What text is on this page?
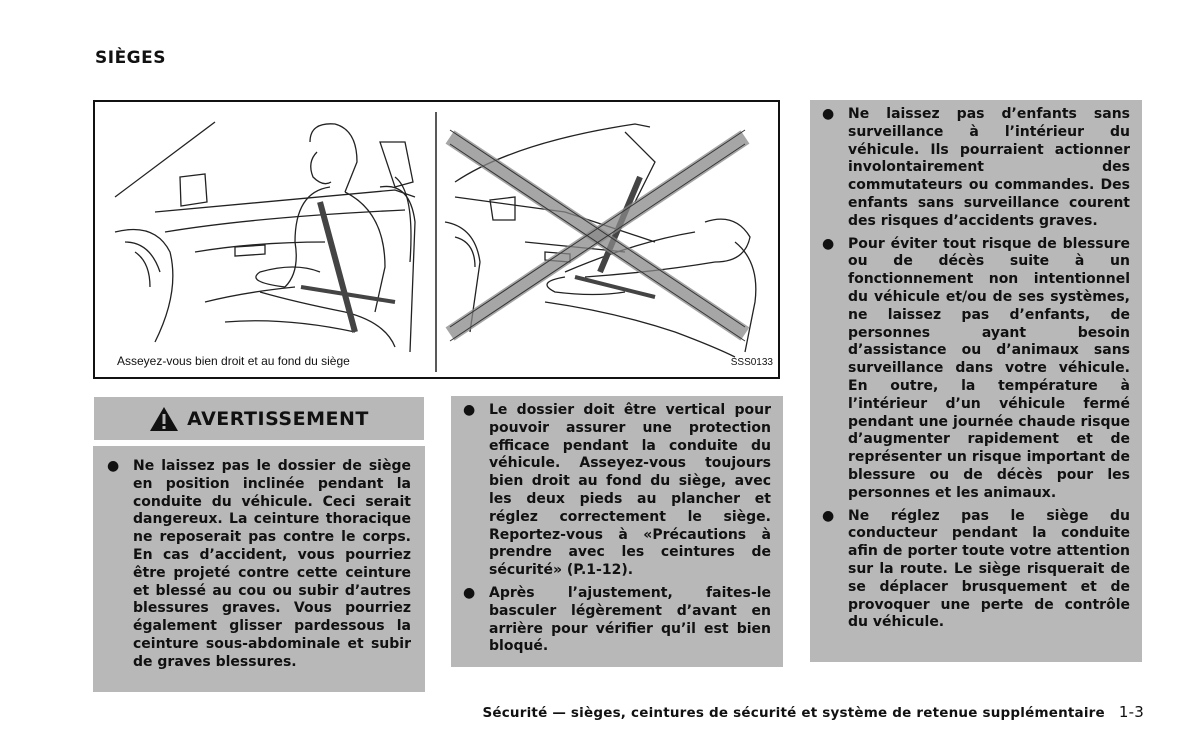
SIÈGES
Asseyez-vous bien droit et au fond du siège	SSS0133
AVERTISSEMENT
● Ne laissez pas le dossier de siège en position inclinée pendant la conduite du véhicule. Ceci serait dangereux. La ceinture thoracique ne reposerait pas contre le corps. En cas d’accident, vous pourriez être projeté contre cette ceinture et blessé au cou ou subir d’autres blessures graves. Vous pourriez également glisser pardessous la ceinture sous-abdominale et subir de graves blessures.
● Le dossier doit être vertical pour pouvoir assurer une protection efficace pendant la conduite du véhicule. Asseyez-vous toujours bien droit au fond du siège, avec les deux pieds au plancher et réglez correctement le siège. Reportez-vous à «Précautions à prendre avec les ceintures de sécurité» (P.1-12).
● Après l’ajustement, faites-le basculer légèrement d’avant en arrière pour vérifier qu’il est bien bloqué.
● Ne laissez pas d’enfants sans surveillance à l’intérieur du véhicule. Ils pourraient actionner involontairement des commutateurs ou commandes. Des enfants sans surveillance courent des risques d’accidents graves.
● Pour éviter tout risque de blessure ou de décès suite à un fonctionnement non intentionnel du véhicule et/ou de ses systèmes, ne laissez pas d’enfants, de personnes ayant besoin d’assistance ou d’animaux sans surveillance dans votre véhicule. En outre, la température à l’intérieur d’un véhicule fermé pendant une journée chaude risque d’augmenter rapidement et de représenter un risque important de blessure ou de décès pour les personnes et les animaux.
● Ne réglez pas le siège du conducteur pendant la conduite afin de porter toute votre attention sur la route. Le siège risquerait de se déplacer brusquement et de provoquer une perte de contrôle du véhicule.
Sécurité — sièges, ceintures de sécurité et système de retenue supplémentaire 1-3
